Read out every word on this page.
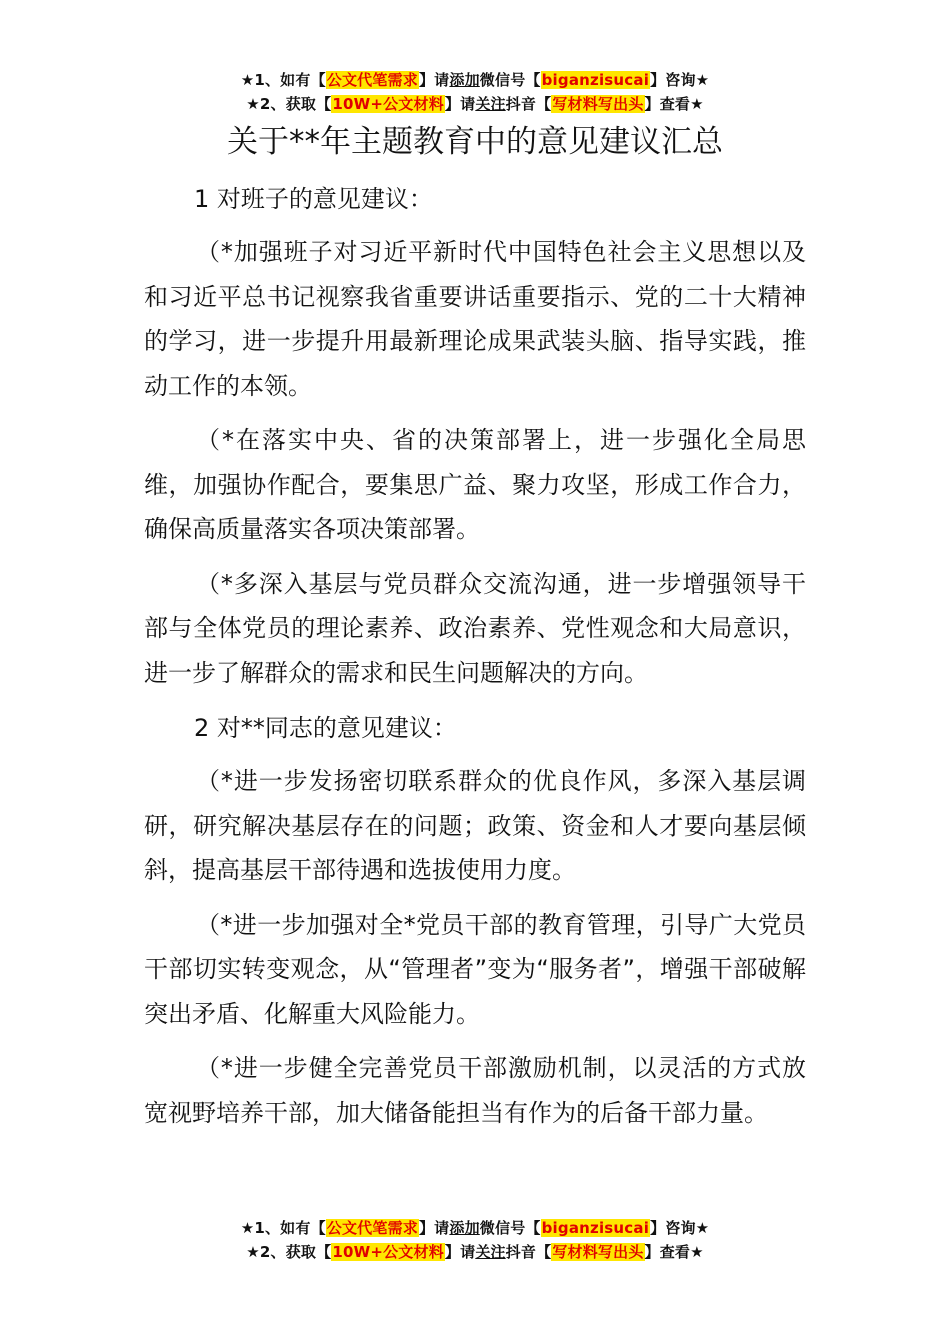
★1、如有【公文代笔需求】请添加微信号【biganzisucai】咨询★
★2、获取【10W+公文材料】请关注抖音【写材料写出头】查看★
关于**年主题教育中的意见建议汇总

1 对班子的意见建议：

（*加强班子对习近平新时代中国特色社会主义思想以及和习近平总书记视察我省重要讲话重要指示、党的二十大精神的学习，进一步提升用最新理论成果武装头脑、指导实践，推动工作的本领。

（*在落实中央、省的决策部署上，进一步强化全局思维，加强协作配合，要集思广益、聚力攻坚，形成工作合力，确保高质量落实各项决策部署。

（*多深入基层与党员群众交流沟通，进一步增强领导干部与全体党员的理论素养、政治素养、党性观念和大局意识，进一步了解群众的需求和民生问题解决的方向。

2 对**同志的意见建议：

（*进一步发扬密切联系群众的优良作风，多深入基层调研，研究解决基层存在的问题；政策、资金和人才要向基层倾斜，提高基层干部待遇和选拔使用力度。

（*进一步加强对全*党员干部的教育管理，引导广大党员干部切实转变观念，从“管理者”变为“服务者”，增强干部破解突出矛盾、化解重大风险能力。

（*进一步健全完善党员干部激励机制，以灵活的方式放宽视野培养干部，加大储备能担当有作为的后备干部力量。

★1、如有【公文代笔需求】请添加微信号【biganzisucai】咨询★
★2、获取【10W+公文材料】请关注抖音【写材料写出头】查看★
